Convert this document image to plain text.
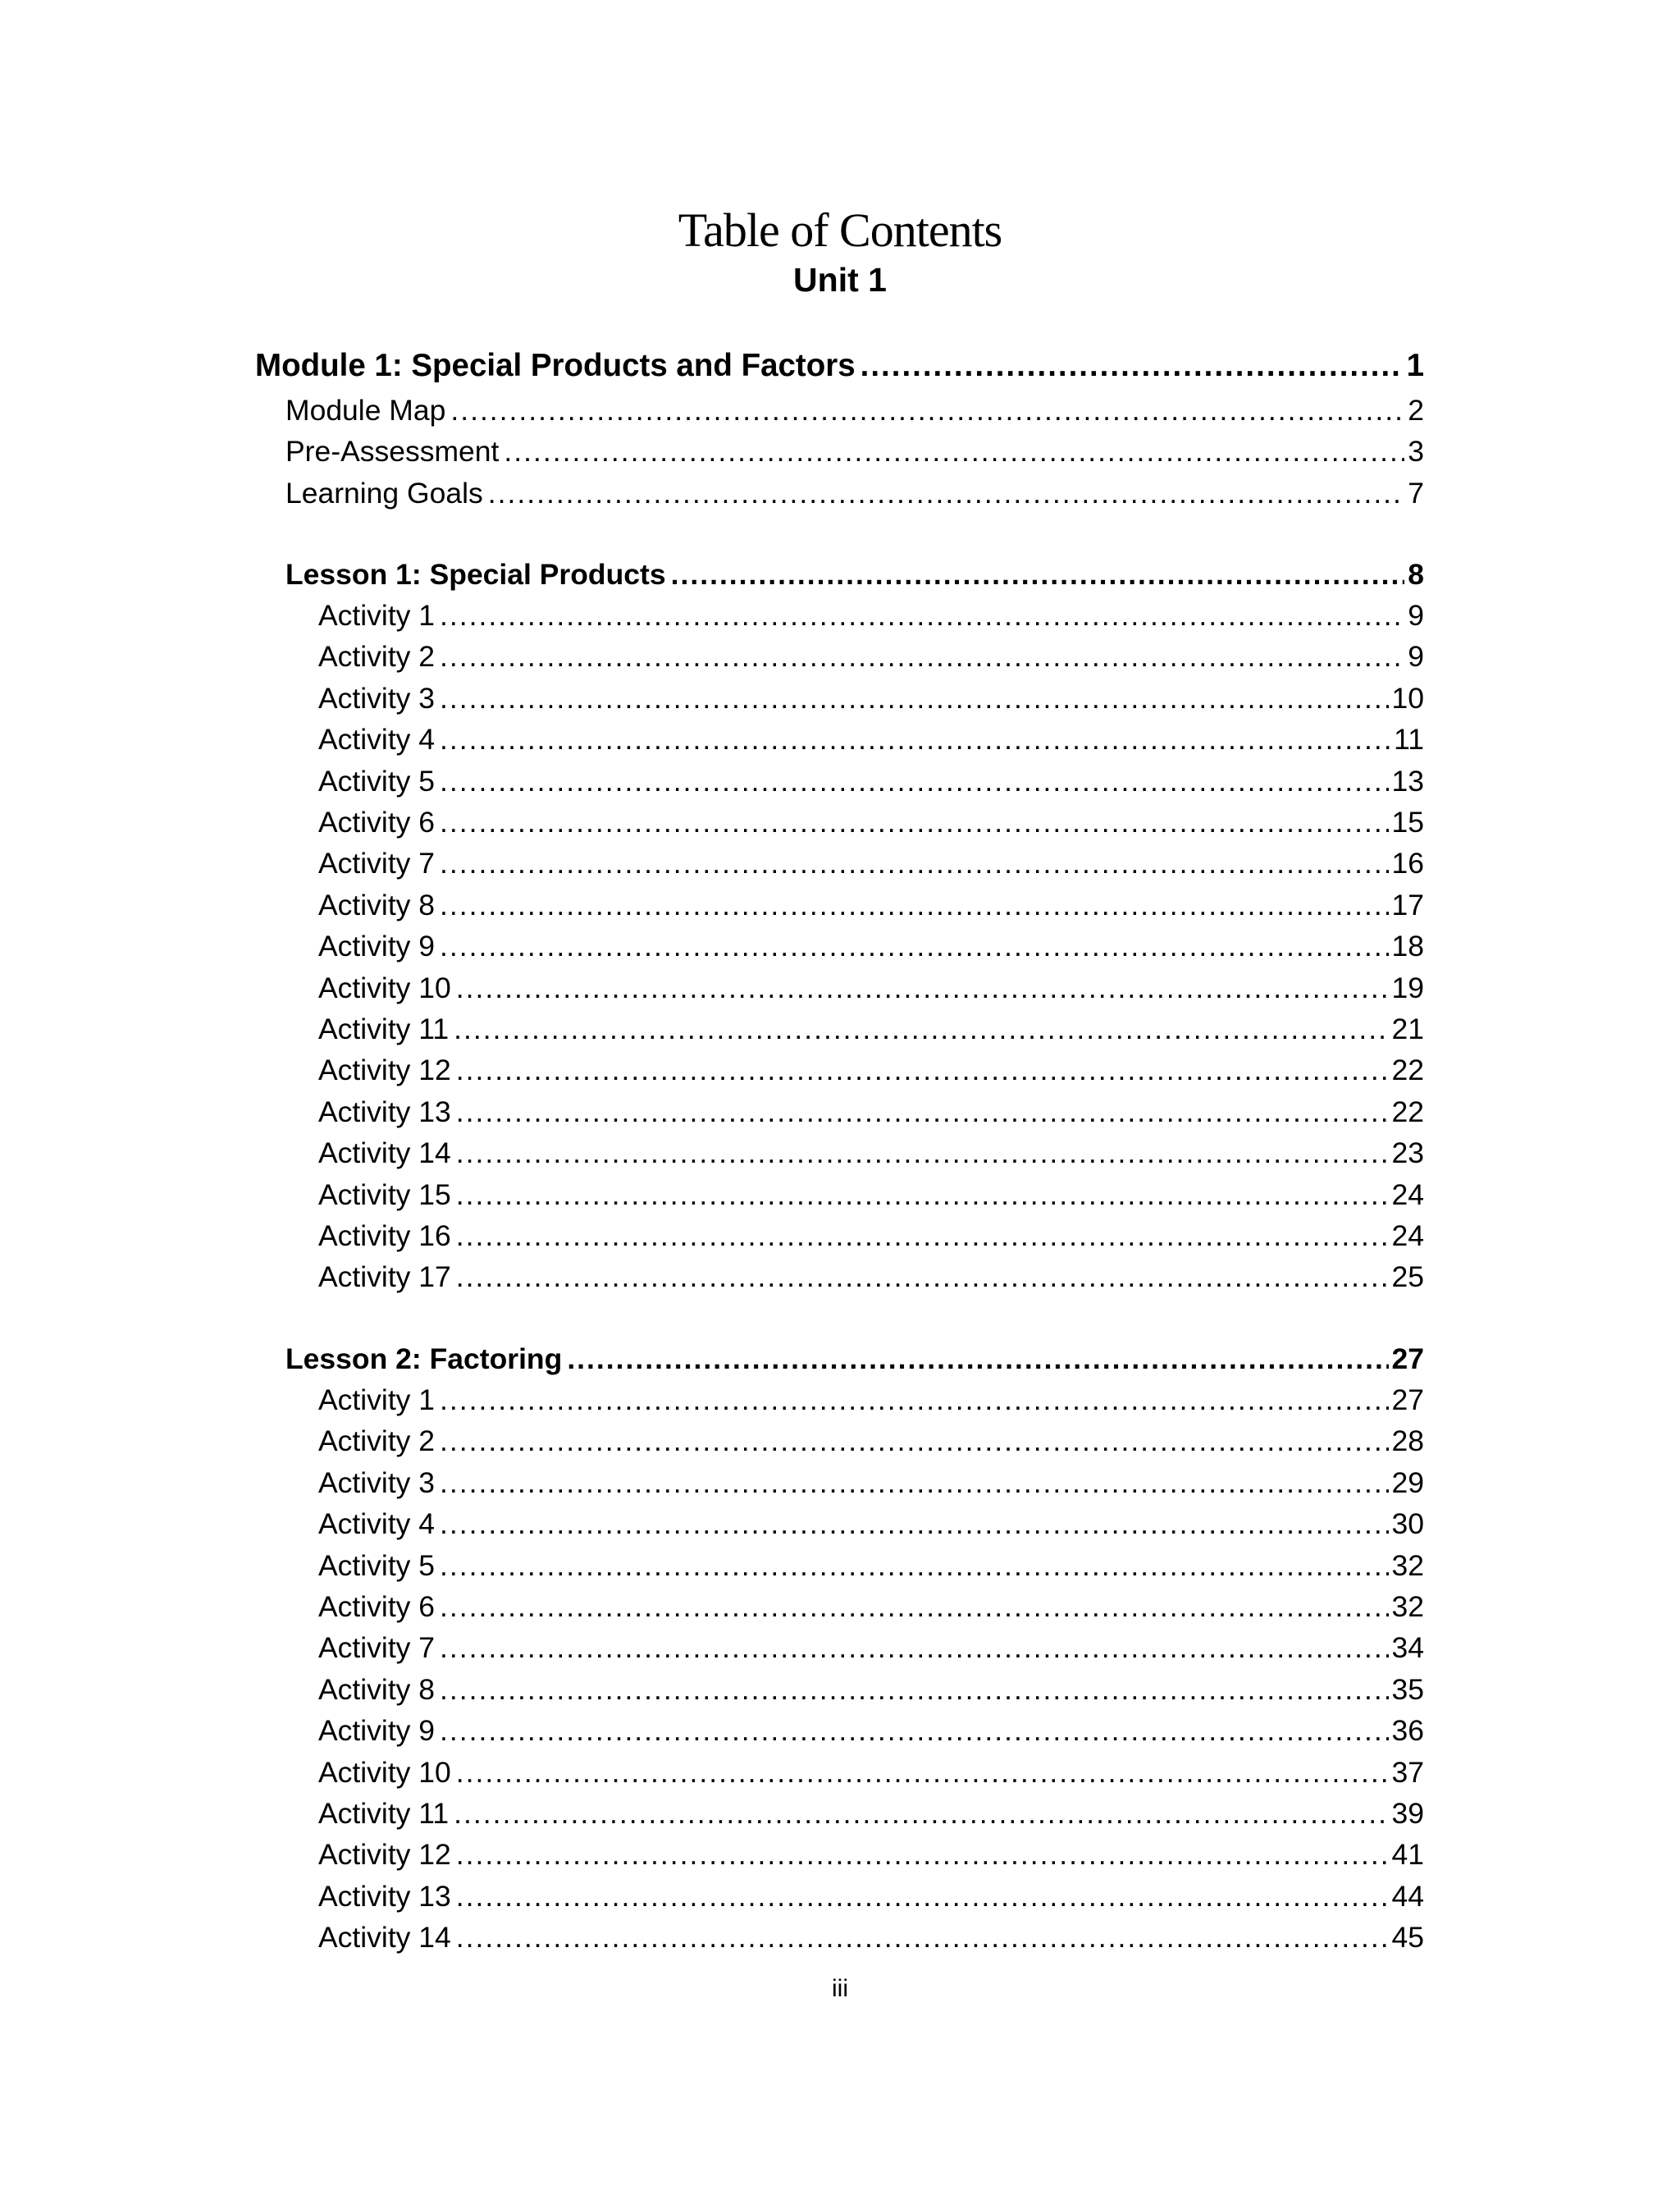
Table of Contents
Unit 1
Module 1: Special Products and Factors .....	1
Module Map .....	2
Pre-Assessment .....	3
Learning Goals .....	7
Lesson 1: Special Products .....	8
Activity 1 .....	9
Activity 2 .....	9
Activity 3 .....	10
Activity 4 .....	11
Activity 5 .....	13
Activity 6 .....	15
Activity 7 .....	16
Activity 8 .....	17
Activity 9 .....	18
Activity 10 .....	19
Activity 11 .....	21
Activity 12 .....	22
Activity 13 .....	22
Activity 14 .....	23
Activity 15 .....	24
Activity 16 .....	24
Activity 17 .....	25
Lesson 2: Factoring .....	27
Activity 1 .....	27
Activity 2 .....	28
Activity 3 .....	29
Activity 4 .....	30
Activity 5 .....	32
Activity 6 .....	32
Activity 7 .....	34
Activity 8 .....	35
Activity 9 .....	36
Activity 10 .....	37
Activity 11 .....	39
Activity 12 .....	41
Activity 13 .....	44
Activity 14 .....	45
iii
